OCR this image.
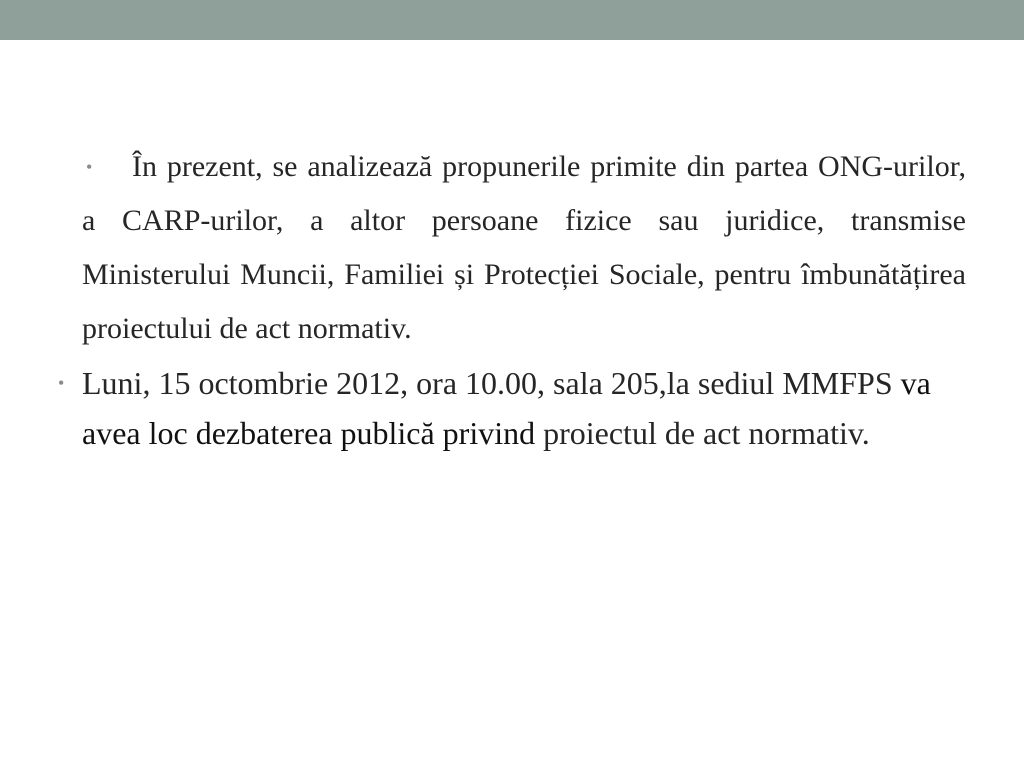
• În prezent, se analizează propunerile primite din partea ONG-urilor, a CARP-urilor, a altor persoane fizice sau juridice, transmise Ministerului Muncii, Familiei și Protecției Sociale, pentru îmbunătățirea proiectului de act normativ.

• Luni, 15 octombrie 2012, ora 10.00, sala 205,la sediul MMFPS va avea loc dezbaterea publică privind proiectul de act normativ.
